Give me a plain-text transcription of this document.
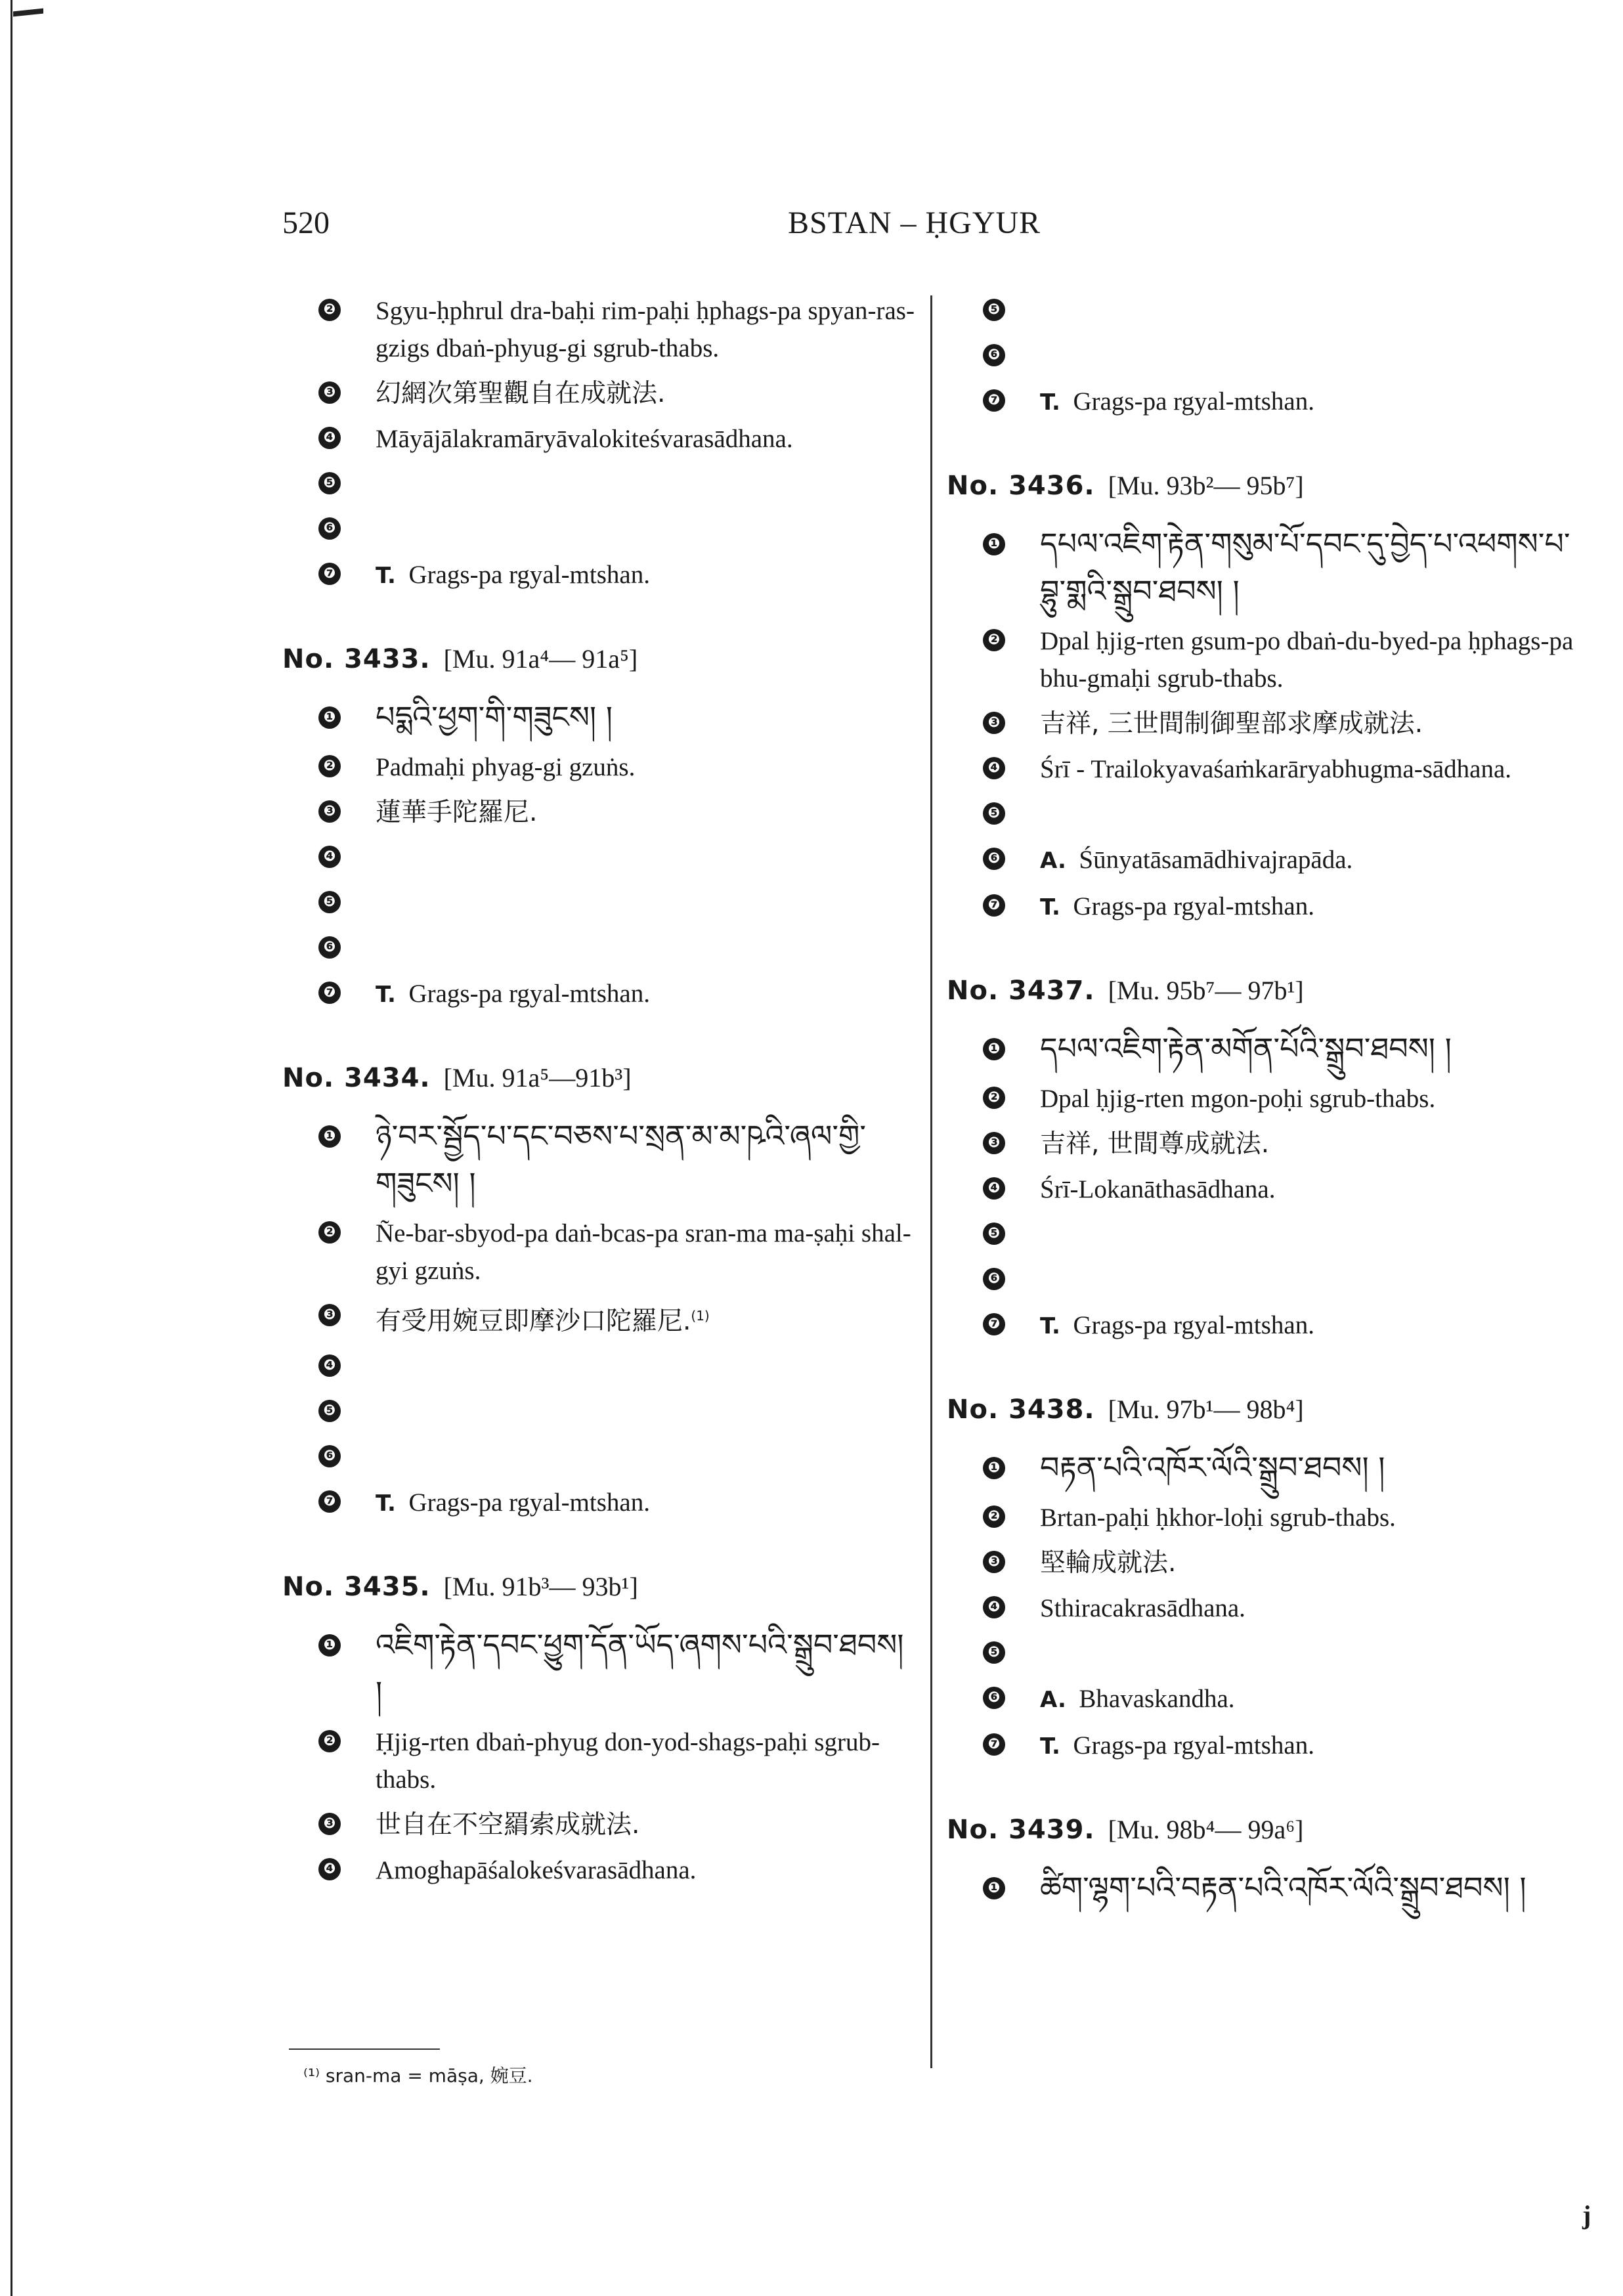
520	BSTAN – ḤGYUR
❷ Sgyu-ḥphrul dra-baḥi rim-paḥi ḥphags-pa spyan-ras-gzigs dbaṅ-phyug-gi sgrub-thabs.
❸ 幻網次第聖觀自在成就法.
❹ Māyājālakramāryāvalokiteśvarasādhana.
❺
❻
❼ T. Grags-pa rgyal-mtshan.
No. 3433. [Mu. 91a⁴— 91a⁵]
❶ པདྨའི་ཕྱག་གི་གཟུངས། །
❷ Padmaḥi phyag-gi gzuṅs.
❸ 蓮華手陀羅尼.
❹
❺
❻
❼ T. Grags-pa rgyal-mtshan.
No. 3434. [Mu. 91a⁵—91b³]
❶ ཉེ་བར་སྦྱོད་པ་དང་བཅས་པ་སྲན་མ་མ་ཥའི་ཞལ་གྱི་གཟུངས། །
❷ Ñe-bar-sbyod-pa daṅ-bcas-pa sran-ma ma-ṣaḥi shal-gyi gzuṅs.
❸ 有受用婉豆即摩沙口陀羅尼.$^{(1)}$
❹
❺
❻
❼ T. Grags-pa rgyal-mtshan.
No. 3435. [Mu. 91b³— 93b¹]
❶ འཇིག་རྟེན་དབང་ཕྱུག་དོན་ཡོད་ཞགས་པའི་སྒྲུབ་ཐབས། །
❷ Ḥjig-rten dbaṅ-phyug don-yod-shags-paḥi sgrub-thabs.
❸ 世自在不空羂索成就法.
❹ Amoghapāśalokeśvarasādhana.
❺
❻
❼ T. Grags-pa rgyal-mtshan.
No. 3436. [Mu. 93b²— 95b⁷]
❶ དཔལ་འཇིག་རྟེན་གསུམ་པོ་དབང་དུ་བྱེད་པ་འཕགས་པ་བྷུ་གྨའི་སྒྲུབ་ཐབས། །
❷ Dpal ḥjig-rten gsum-po dbaṅ-du-byed-pa ḥphags-pa bhu-gmaḥi sgrub-thabs.
❸ 吉祥, 三世間制御聖部求摩成就法.
❹ Śrī - Trailokyavaśaṁkarāryabhugma-sādhana.
❺
❻ A. Śūnyatāsamādhivajrapāda.
❼ T. Grags-pa rgyal-mtshan.
No. 3437. [Mu. 95b⁷— 97b¹]
❶ དཔལ་འཇིག་རྟེན་མགོན་པོའི་སྒྲུབ་ཐབས། །
❷ Dpal ḥjig-rten mgon-poḥi sgrub-thabs.
❸ 吉祥, 世間尊成就法.
❹ Śrī-Lokanāthasādhana.
❺
❻
❼ T. Grags-pa rgyal-mtshan.
No. 3438. [Mu. 97b¹— 98b⁴]
❶ བརྟན་པའི་འཁོར་ལོའི་སྒྲུབ་ཐབས། །
❷ Brtan-paḥi ḥkhor-loḥi sgrub-thabs.
❸ 堅輪成就法.
❹ Sthiracakrasādhana.
❺
❻ A. Bhavaskandha.
❼ T. Grags-pa rgyal-mtshan.
No. 3439. [Mu. 98b⁴— 99a⁶]
❶ ཚིག་ལྷག་པའི་བརྟན་པའི་འཁོར་ལོའི་སྒྲུབ་ཐབས། །
⁽¹⁾ sran-ma = māṣa, 婉豆.
j
